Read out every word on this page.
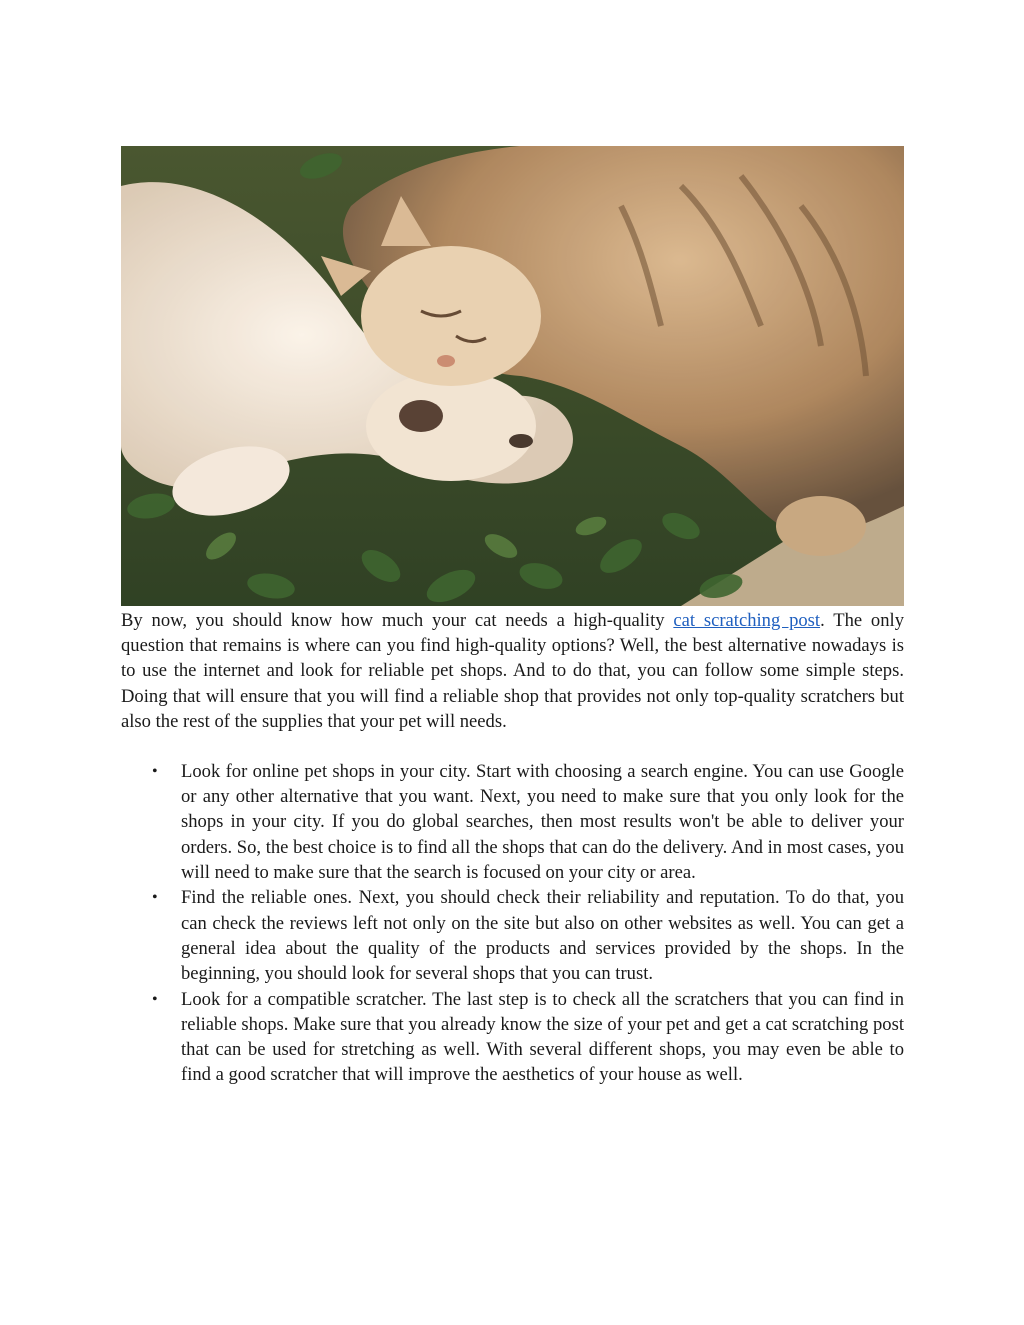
By now, you should know how much your cat needs a high-quality cat scratching post. The only question that remains is where can you find high-quality options? Well, the best alternative nowadays is to use the internet and look for reliable pet shops. And to do that, you can follow some simple steps. Doing that will ensure that you will find a reliable shop that provides not only top-quality scratchers but also the rest of the supplies that your pet will needs.

• Look for online pet shops in your city. Start with choosing a search engine. You can use Google or any other alternative that you want. Next, you need to make sure that you only look for the shops in your city. If you do global searches, then most results won't be able to deliver your orders. So, the best choice is to find all the shops that can do the delivery. And in most cases, you will need to make sure that the search is focused on your city or area.
• Find the reliable ones. Next, you should check their reliability and reputation. To do that, you can check the reviews left not only on the site but also on other websites as well. You can get a general idea about the quality of the products and services provided by the shops. In the beginning, you should look for several shops that you can trust.
• Look for a compatible scratcher. The last step is to check all the scratchers that you can find in reliable shops. Make sure that you already know the size of your pet and get a cat scratching post that can be used for stretching as well. With several different shops, you may even be able to find a good scratcher that will improve the aesthetics of your house as well.
